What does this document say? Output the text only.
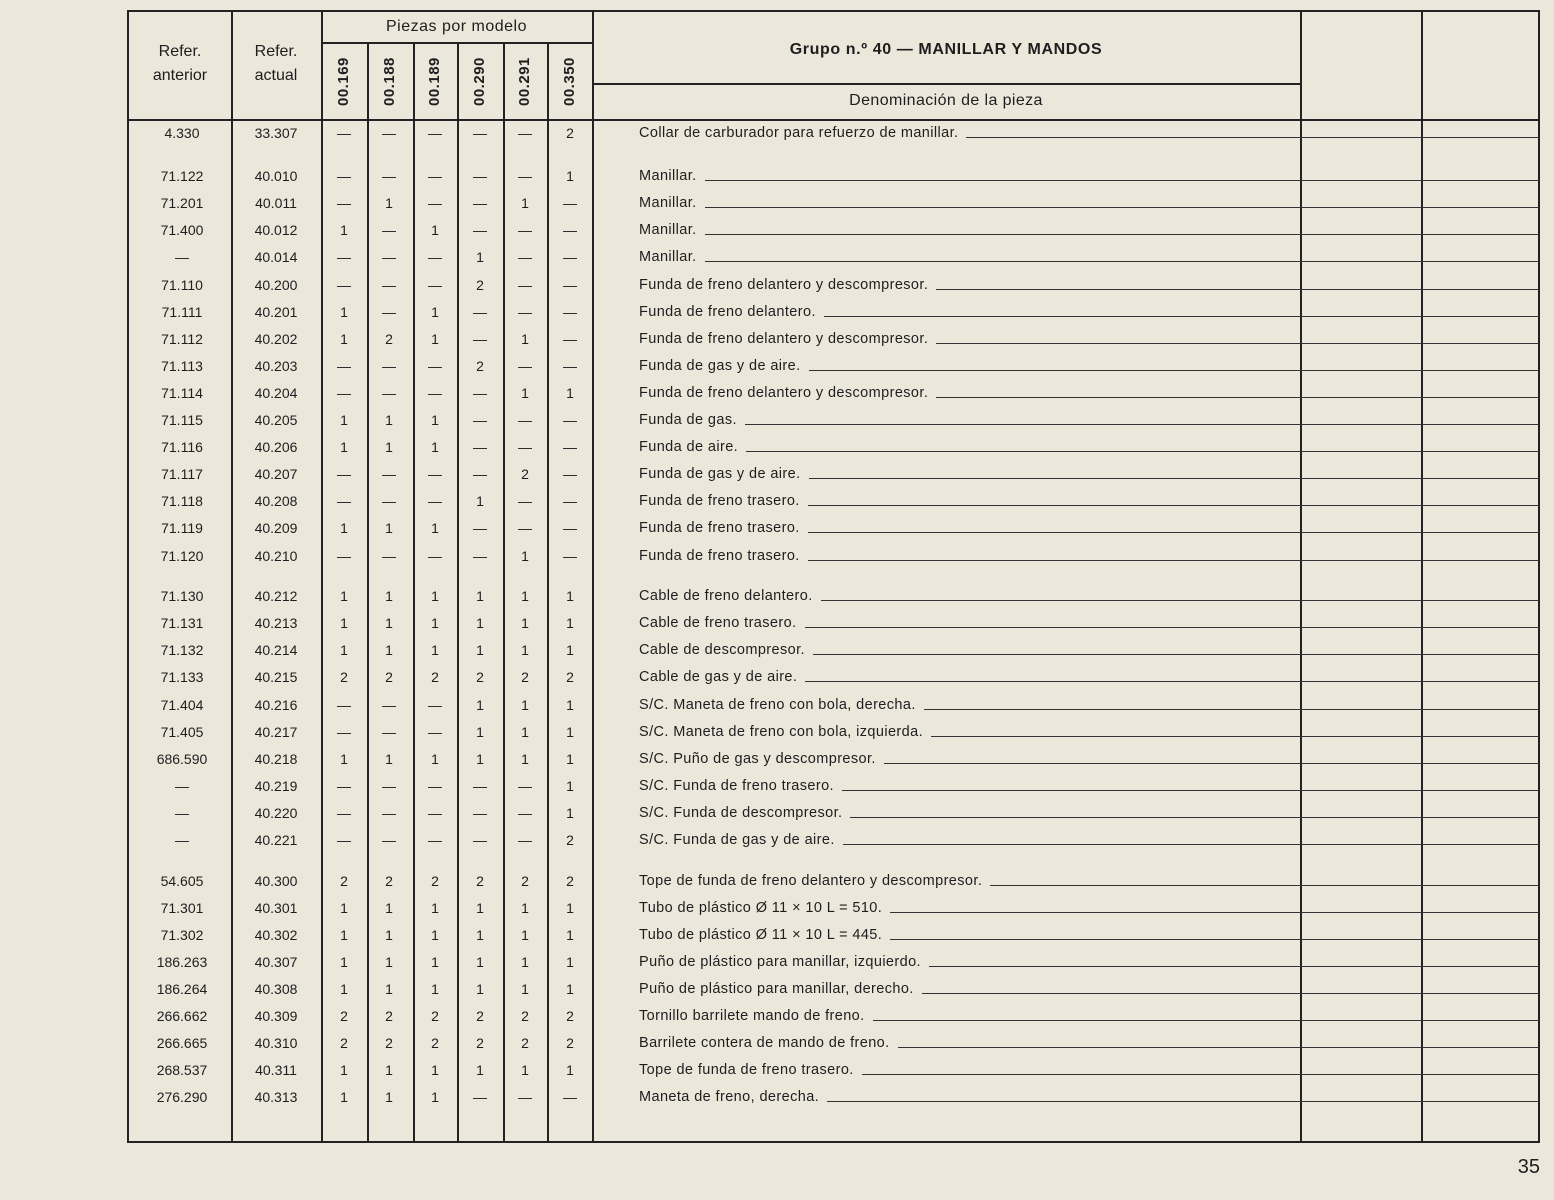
Refer.
anterior
Refer.
actual
Piezas por modelo
00.169 00.188 00.189 00.290 00.291 00.350
Grupo n.º 40 — MANILLAR Y MANDOS
Denominación de la pieza
4.330	33.307	—	—	—	—	—	2	Collar de carburador para refuerzo de manillar.
71.122	40.010	—	—	—	—	—	1	Manillar.
71.201	40.011	—	1	—	—	1	—	Manillar.
71.400	40.012	1	—	1	—	—	—	Manillar.
—	40.014	—	—	—	1	—	—	Manillar.
71.110	40.200	—	—	—	2	—	—	Funda de freno delantero y descompresor.
71.111	40.201	1	—	1	—	—	—	Funda de freno delantero.
71.112	40.202	1	2	1	—	1	—	Funda de freno delantero y descompresor.
71.113	40.203	—	—	—	2	—	—	Funda de gas y de aire.
71.114	40.204	—	—	—	—	1	1	Funda de freno delantero y descompresor.
71.115	40.205	1	1	1	—	—	—	Funda de gas.
71.116	40.206	1	1	1	—	—	—	Funda de aire.
71.117	40.207	—	—	—	—	2	—	Funda de gas y de aire.
71.118	40.208	—	—	—	1	—	—	Funda de freno trasero.
71.119	40.209	1	1	1	—	—	—	Funda de freno trasero.
71.120	40.210	—	—	—	—	1	—	Funda de freno trasero.
71.130	40.212	1	1	1	1	1	1	Cable de freno delantero.
71.131	40.213	1	1	1	1	1	1	Cable de freno trasero.
71.132	40.214	1	1	1	1	1	1	Cable de descompresor.
71.133	40.215	2	2	2	2	2	2	Cable de gas y de aire.
71.404	40.216	—	—	—	1	1	1	S/C. Maneta de freno con bola, derecha.
71.405	40.217	—	—	—	1	1	1	S/C. Maneta de freno con bola, izquierda.
686.590	40.218	1	1	1	1	1	1	S/C. Puño de gas y descompresor.
—	40.219	—	—	—	—	—	1	S/C. Funda de freno trasero.
—	40.220	—	—	—	—	—	1	S/C. Funda de descompresor.
—	40.221	—	—	—	—	—	2	S/C. Funda de gas y de aire.
54.605	40.300	2	2	2	2	2	2	Tope de funda de freno delantero y descompresor.
71.301	40.301	1	1	1	1	1	1	Tubo de plástico Ø 11 × 10 L = 510.
71.302	40.302	1	1	1	1	1	1	Tubo de plástico Ø 11 × 10 L = 445.
186.263	40.307	1	1	1	1	1	1	Puño de plástico para manillar, izquierdo.
186.264	40.308	1	1	1	1	1	1	Puño de plástico para manillar, derecho.
266.662	40.309	2	2	2	2	2	2	Tornillo barrilete mando de freno.
266.665	40.310	2	2	2	2	2	2	Barrilete contera de mando de freno.
268.537	40.311	1	1	1	1	1	1	Tope de funda de freno trasero.
276.290	40.313	1	1	1	—	—	—	Maneta de freno, derecha.
35
